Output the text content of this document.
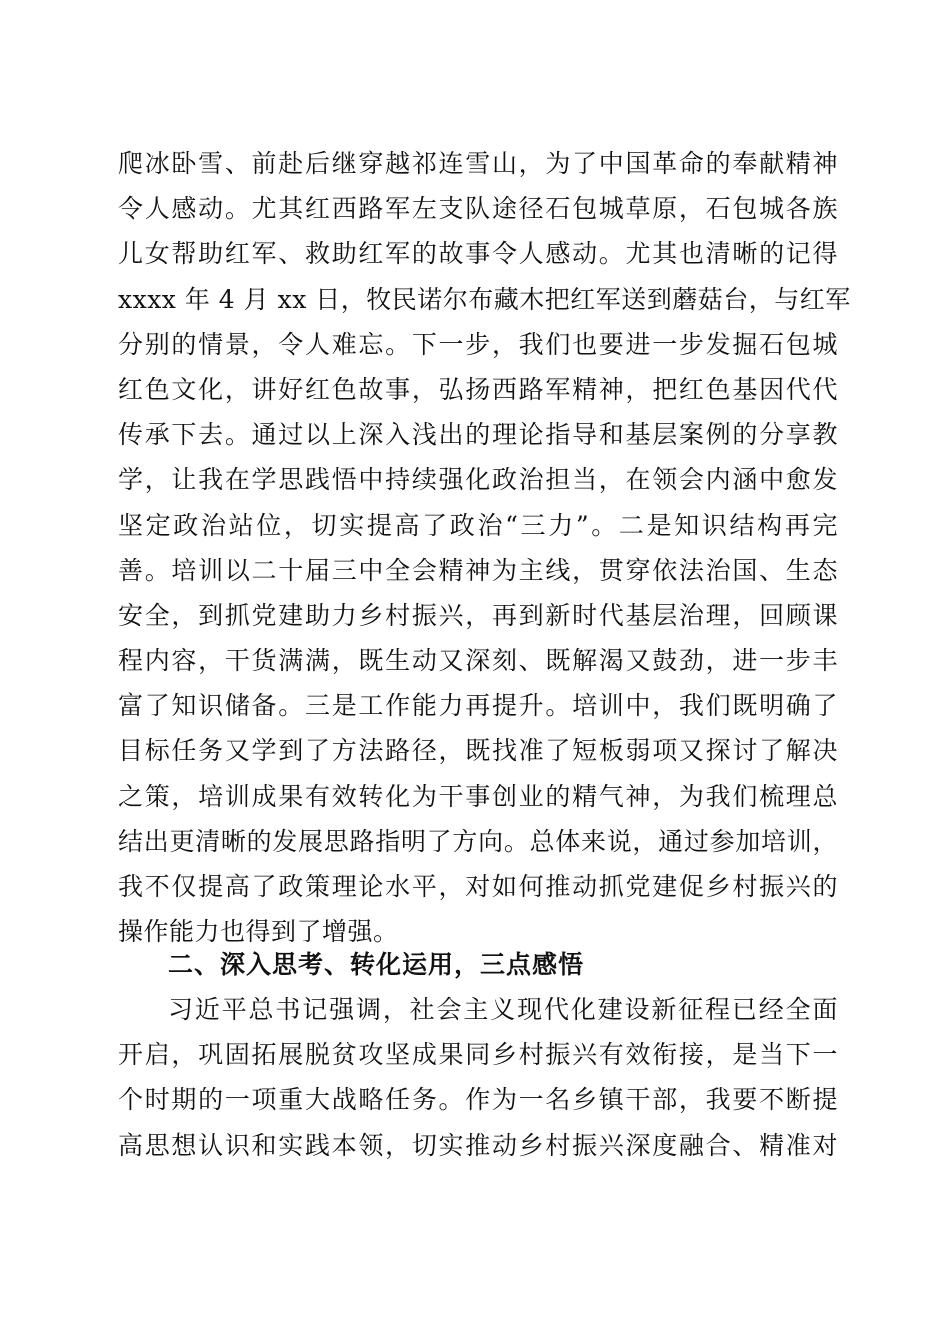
爬冰卧雪、前赴后继穿越祁连雪山，为了中国革命的奉献精神
令人感动。尤其红西路军左支队途径石包城草原，石包城各族
儿女帮助红军、救助红军的故事令人感动。尤其也清晰的记得
xxxx 年 4 月 xx 日，牧民诺尔布藏木把红军送到蘑菇台，与红军
分别的情景，令人难忘。下一步，我们也要进一步发掘石包城
红色文化，讲好红色故事，弘扬西路军精神，把红色基因代代
传承下去。通过以上深入浅出的理论指导和基层案例的分享教
学，让我在学思践悟中持续强化政治担当，在领会内涵中愈发
坚定政治站位，切实提高了政治“三力”。二是知识结构再完
善。培训以二十届三中全会精神为主线，贯穿依法治国、生态
安全，到抓党建助力乡村振兴，再到新时代基层治理，回顾课
程内容，干货满满，既生动又深刻、既解渴又鼓劲，进一步丰
富了知识储备。三是工作能力再提升。培训中，我们既明确了
目标任务又学到了方法路径，既找准了短板弱项又探讨了解决
之策，培训成果有效转化为干事创业的精气神，为我们梳理总
结出更清晰的发展思路指明了方向。总体来说，通过参加培训，
我不仅提高了政策理论水平，对如何推动抓党建促乡村振兴的
操作能力也得到了增强。
二、深入思考、转化运用，三点感悟
习近平总书记强调，社会主义现代化建设新征程已经全面
开启，巩固拓展脱贫攻坚成果同乡村振兴有效衔接，是当下一
个时期的一项重大战略任务。作为一名乡镇干部，我要不断提
高思想认识和实践本领，切实推动乡村振兴深度融合、精准对
